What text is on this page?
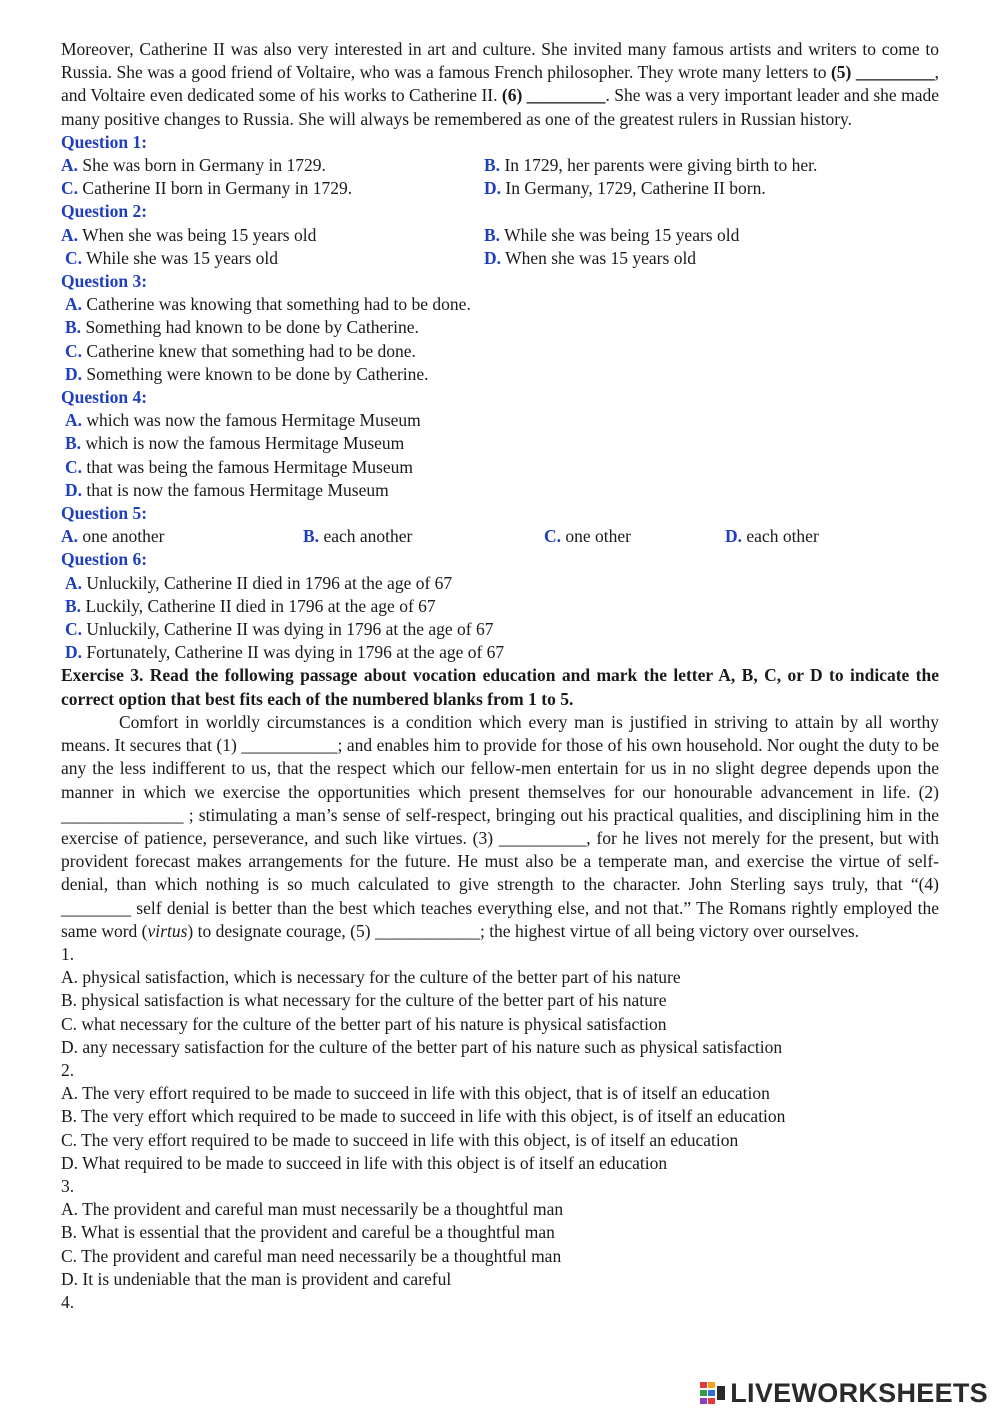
Moreover, Catherine II was also very interested in art and culture. She invited many famous artists and writers to come to Russia. She was a good friend of Voltaire, who was a famous French philosopher. They wrote many letters to (5) _________, and Voltaire even dedicated some of his works to Catherine II. (6) _________. She was a very important leader and she made many positive changes to Russia. She will always be remembered as one of the greatest rulers in Russian history.

Question 1:
A. She was born in Germany in 1729.	B. In 1729, her parents were giving birth to her.
C. Catherine II born in Germany in 1729.	D. In Germany, 1729, Catherine II born.
Question 2:
A. When she was being 15 years old	B. While she was being 15 years old
C. While she was 15 years old	D. When she was 15 years old
Question 3:
A. Catherine was knowing that something had to be done.
B. Something had known to be done by Catherine.
C. Catherine knew that something had to be done.
D. Something were known to be done by Catherine.
Question 4:
A. which was now the famous Hermitage Museum
B. which is now the famous Hermitage Museum
C. that was being the famous Hermitage Museum
D. that is now the famous Hermitage Museum
Question 5:
A. one another	B. each another	C. one other	D. each other
Question 6:
A. Unluckily, Catherine II died in 1796 at the age of 67
B. Luckily, Catherine II died in 1796 at the age of 67
C. Unluckily, Catherine II was dying in 1796 at the age of 67
D. Fortunately, Catherine II was dying in 1796 at the age of 67

Exercise 3. Read the following passage about vocation education and mark the letter A, B, C, or D to indicate the correct option that best fits each of the numbered blanks from 1 to 5.

Comfort in worldly circumstances is a condition which every man is justified in striving to attain by all worthy means. It secures that (1) ___________; and enables him to provide for those of his own household. Nor ought the duty to be any the less indifferent to us, that the respect which our fellow-men entertain for us in no slight degree depends upon the manner in which we exercise the opportunities which present themselves for our honourable advancement in life. (2) ______________ ; stimulating a man’s sense of self-respect, bringing out his practical qualities, and disciplining him in the exercise of patience, perseverance, and such like virtues. (3) __________, for he lives not merely for the present, but with provident forecast makes arrangements for the future. He must also be a temperate man, and exercise the virtue of self-denial, than which nothing is so much calculated to give strength to the character. John Sterling says truly, that “(4) ________ self denial is better than the best which teaches everything else, and not that.” The Romans rightly employed the same word (virtus) to designate courage, (5) ____________; the highest virtue of all being victory over ourselves.

1.
A. physical satisfaction, which is necessary for the culture of the better part of his nature
B. physical satisfaction is what necessary for the culture of the better part of his nature
C. what necessary for the culture of the better part of his nature is physical satisfaction
D. any necessary satisfaction for the culture of the better part of his nature such as physical satisfaction
2.
A. The very effort required to be made to succeed in life with this object, that is of itself an education
B. The very effort which required to be made to succeed in life with this object, is of itself an education
C. The very effort required to be made to succeed in life with this object, is of itself an education
D. What required to be made to succeed in life with this object is of itself an education
3.
A. The provident and careful man must necessarily be a thoughtful man
B. What is essential that the provident and careful be a thoughtful man
C. The provident and careful man need necessarily be a thoughtful man
D. It is undeniable that the man is provident and careful
4.
LIVEWORKSHEETS
